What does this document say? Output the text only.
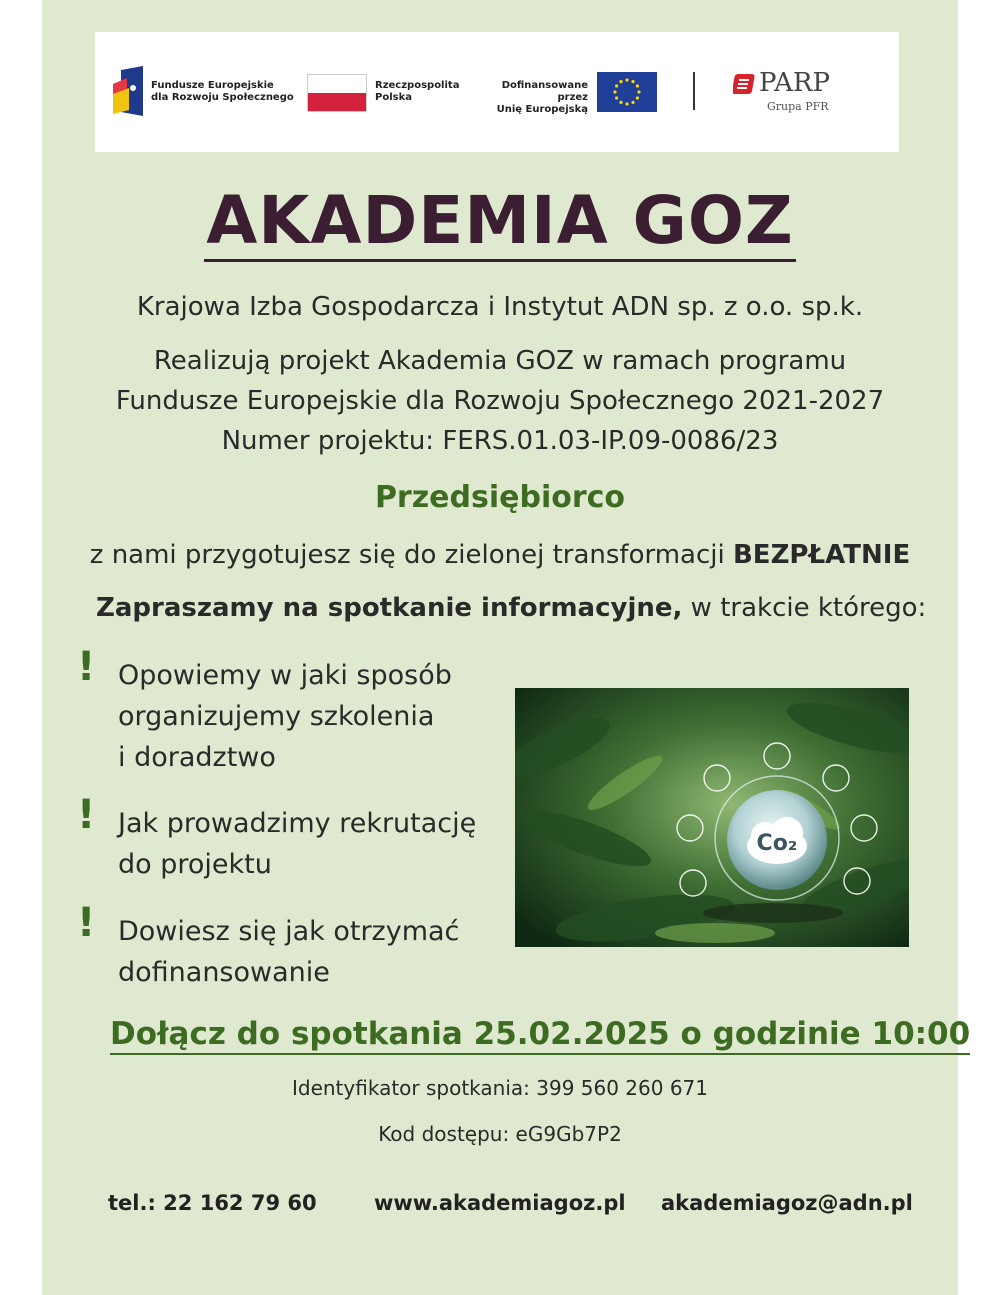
Fundusze Europejskie
dla Rozwoju Społecznego
Rzeczpospolita
Polska
Dofinansowane przez
Unię Europejską
PARP
Grupa PFR
AKADEMIA GOZ
Krajowa Izba Gospodarcza i Instytut ADN sp. z o.o. sp.k.
Realizują projekt Akademia GOZ w ramach programu
Fundusze Europejskie dla Rozwoju Społecznego 2021-2027
Numer projektu: FERS.01.03-IP.09-0086/23
Przedsiębiorco
z nami przygotujesz się do zielonej transformacji BEZPŁATNIE
Zapraszamy na spotkanie informacyjne, w trakcie którego:
! Opowiemy w jaki sposób
organizujemy szkolenia
i doradztwo
! Jak prowadzimy rekrutację
do projektu
! Dowiesz się jak otrzymać
dofinansowanie
Co₂
Dołącz do spotkania 25.02.2025 o godzinie 10:00
Identyfikator spotkania: 399 560 260 671
Kod dostępu: eG9Gb7P2
tel.: 22 162 79 60	www.akademiagoz.pl akademiagoz@adn.pl
